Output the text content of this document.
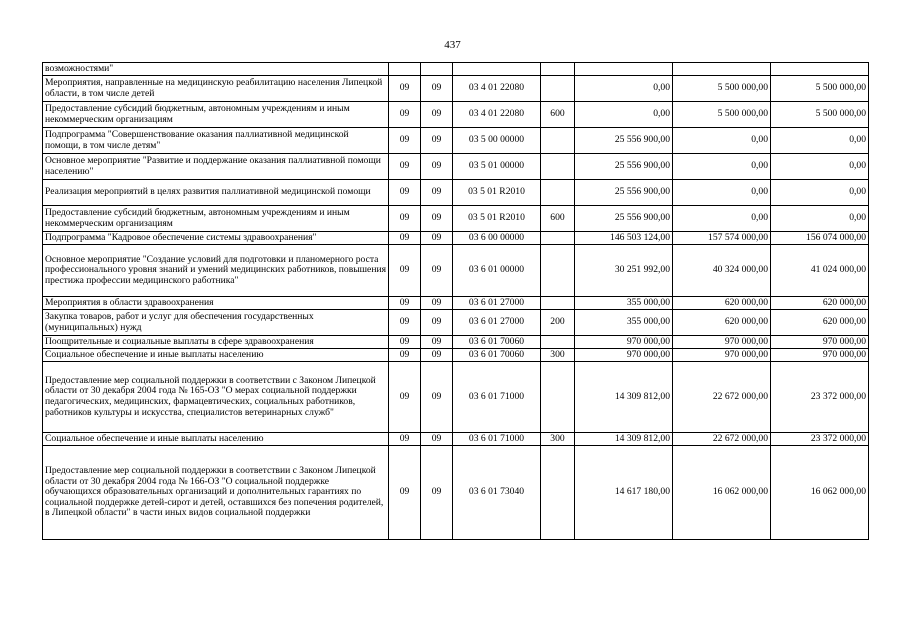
437
возможностями"							
Мероприятия, направленные на медицинскую реабилитацию населения Липецкой области, в том числе детей	09	09	03 4 01 22080		0,00	5 500 000,00	5 500 000,00
Предоставление субсидий бюджетным, автономным учреждениям и иным некоммерческим организациям	09	09	03 4 01 22080	600	0,00	5 500 000,00	5 500 000,00
Подпрограмма "Совершенствование оказания паллиативной медицинской помощи, в том числе детям"	09	09	03 5 00 00000		25 556 900,00	0,00	0,00
Основное мероприятие "Развитие и поддержание оказания паллиативной помощи населению"	09	09	03 5 01 00000		25 556 900,00	0,00	0,00
Реализация мероприятий в целях развития паллиативной медицинской помощи	09	09	03 5 01 R2010		25 556 900,00	0,00	0,00
Предоставление субсидий бюджетным, автономным учреждениям и иным некоммерческим организациям	09	09	03 5 01 R2010	600	25 556 900,00	0,00	0,00
Подпрограмма "Кадровое обеспечение системы здравоохранения"	09	09	03 6 00 00000		146 503 124,00	157 574 000,00	156 074 000,00
Основное мероприятие "Создание условий для подготовки и планомерного роста профессионального уровня знаний и умений медицинских работников, повышения престижа профессии медицинского работника"	09	09	03 6 01 00000		30 251 992,00	40 324 000,00	41 024 000,00
Мероприятия в области здравоохранения	09	09	03 6 01 27000		355 000,00	620 000,00	620 000,00
Закупка товаров, работ и услуг для обеспечения государственных (муниципальных) нужд	09	09	03 6 01 27000	200	355 000,00	620 000,00	620 000,00
Поощрительные и социальные выплаты в сфере здравоохранения	09	09	03 6 01 70060		970 000,00	970 000,00	970 000,00
Социальное обеспечение и иные выплаты населению	09	09	03 6 01 70060	300	970 000,00	970 000,00	970 000,00
Предоставление мер социальной поддержки в соответствии с Законом Липецкой области от 30 декабря 2004 года № 165-ОЗ "О мерах социальной поддержки педагогических, медицинских, фармацевтических, социальных работников, работников культуры и искусства, специалистов ветеринарных служб"	09	09	03 6 01 71000		14 309 812,00	22 672 000,00	23 372 000,00
Социальное обеспечение и иные выплаты населению	09	09	03 6 01 71000	300	14 309 812,00	22 672 000,00	23 372 000,00
Предоставление мер социальной поддержки в соответствии с Законом Липецкой области от 30 декабря 2004 года № 166-ОЗ "О социальной поддержке обучающихся образовательных организаций и дополнительных гарантиях по социальной поддержке детей-сирот и детей, оставшихся без попечения родителей, в Липецкой области" в части иных видов социальной поддержки	09	09	03 6 01 73040		14 617 180,00	16 062 000,00	16 062 000,00
